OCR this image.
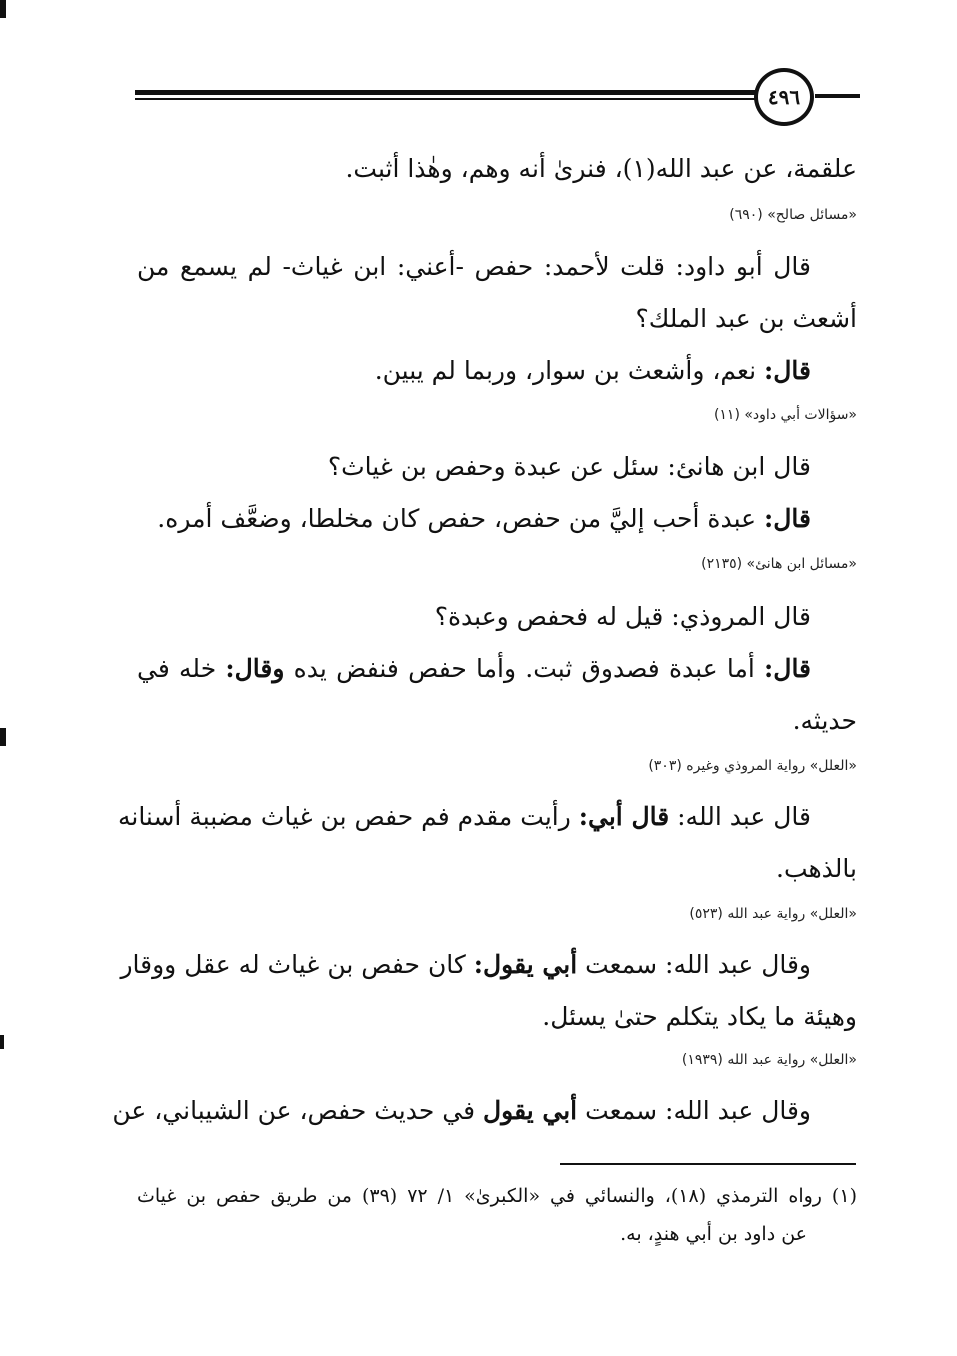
٤٩٦
علقمة، عن عبد الله(١)، فنرىٰ أنه وهم، وهٰذا أثبت.
«مسائل صالح» (٦٩٠)
قال أبو داود: قلت لأحمد: حفص -أعني: ابن غياث- لم يسمع من
أشعث بن عبد الملك؟
قال: نعم، وأشعث بن سوار، وربما لم يبين.
«سؤالات أبي داود» (١١)
قال ابن هانئ: سئل عن عبدة وحفص بن غياث؟
قال: عبدة أحب إليَّ من حفص، حفص كان مخلطا، وضعَّف أمره.
«مسائل ابن هانئ» (٢١٣٥)
قال المروذي: قيل له فحفص وعبدة؟
قال: أما عبدة فصدوق ثبت. وأما حفص فنفض يده وقال: خله في
حديثه.
«العلل» رواية المروذي وغيره (٣٠٣)
قال عبد الله: قال أبي: رأيت مقدم فم حفص بن غياث مضببة أسنانه
بالذهب.
«العلل» رواية عبد الله (٥٢٣)
وقال عبد الله: سمعت أبي يقول: كان حفص بن غياث له عقل ووقار
وهيئة ما يكاد يتكلم حتىٰ يسئل.
«العلل» رواية عبد الله (١٩٣٩)
وقال عبد الله: سمعت أبي يقول في حديث حفص، عن الشيباني، عن
(١) رواه الترمذي (١٨)، والنسائي في «الكبرىٰ» ١/ ٧٢ (٣٩) من طريق حفص بن غياث
عن داود بن أبي هندٍ، به.
